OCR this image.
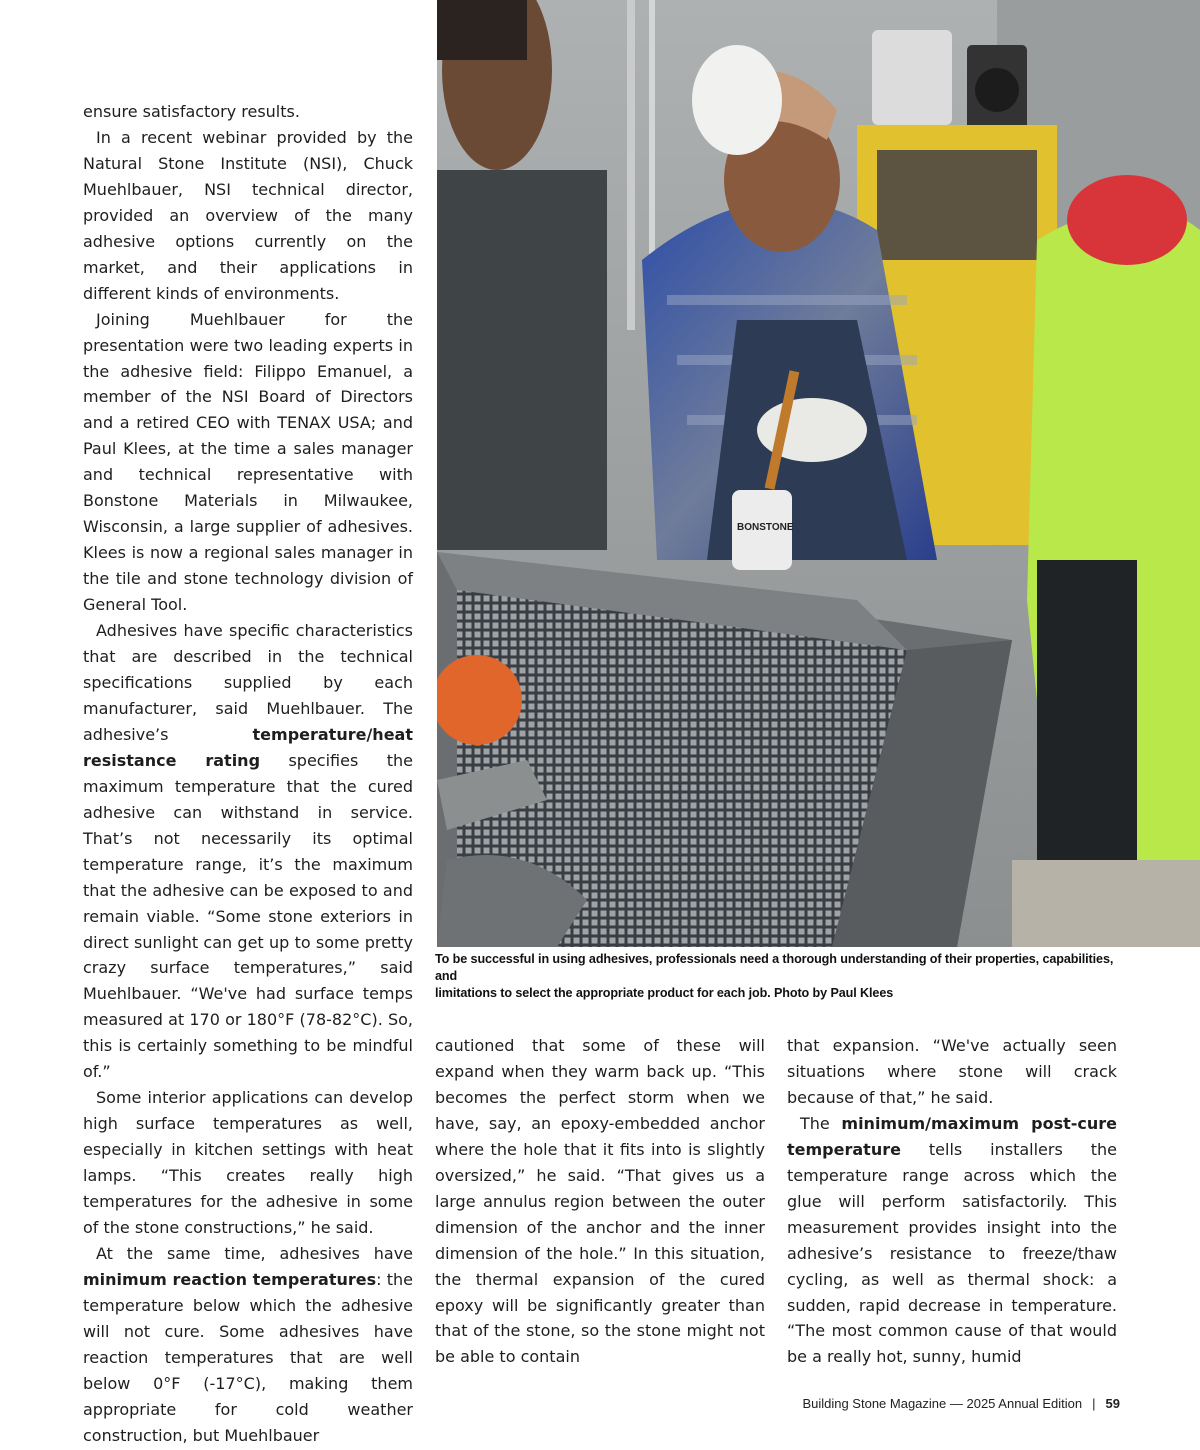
ensure satisfactory results.

In a recent webinar provided by the Natural Stone Institute (NSI), Chuck Muehlbauer, NSI technical director, provided an overview of the many adhesive options currently on the market, and their applications in different kinds of environments.

Joining Muehlbauer for the presentation were two leading experts in the adhesive field: Filippo Emanuel, a member of the NSI Board of Directors and a retired CEO with TENAX USA; and Paul Klees, at the time a sales manager and technical representative with Bonstone Materials in Milwaukee, Wisconsin, a large supplier of adhesives. Klees is now a regional sales manager in the tile and stone technology division of General Tool.

Adhesives have specific characteristics that are described in the technical specifications supplied by each manufacturer, said Muehlbauer. The adhesive’s temperature/heat resistance rating specifies the maximum temperature that the cured adhesive can withstand in service. That’s not necessarily its optimal temperature range, it’s the maximum that the adhesive can be exposed to and remain viable. “Some stone exteriors in direct sunlight can get up to some pretty crazy surface temperatures,” said Muehlbauer. “We've had surface temps measured at 170 or 180°F (78-82°C). So, this is certainly something to be mindful of.”

Some interior applications can develop high surface temperatures as well, especially in kitchen settings with heat lamps. “This creates really high temperatures for the adhesive in some of the stone constructions,” he said.

At the same time, adhesives have minimum reaction temperatures: the temperature below which the adhesive will not cure. Some adhesives have reaction temperatures that are well below 0°F (-17°C), making them appropriate for cold weather construction, but Muehlbauer

BONSTONE
To be successful in using adhesives, professionals need a thorough understanding of their properties, capabilities, and
limitations to select the appropriate product for each job. Photo by Paul Klees

cautioned that some of these will expand when they warm back up. “This becomes the perfect storm when we have, say, an epoxy-embedded anchor where the hole that it fits into is slightly oversized,” he said. “That gives us a large annulus region between the outer dimension of the anchor and the inner dimension of the hole.” In this situation, the thermal expansion of the cured epoxy will be significantly greater than that of the stone, so the stone might not be able to contain

that expansion. “We've actually seen situations where stone will crack because of that,” he said.

The minimum/maximum post-cure temperature tells installers the temperature range across which the glue will perform satisfactorily. This measurement provides insight into the adhesive’s resistance to freeze/thaw cycling, as well as thermal shock: a sudden, rapid decrease in temperature. “The most common cause of that would be a really hot, sunny, humid

Building Stone Magazine — 2025 Annual Edition | 59
